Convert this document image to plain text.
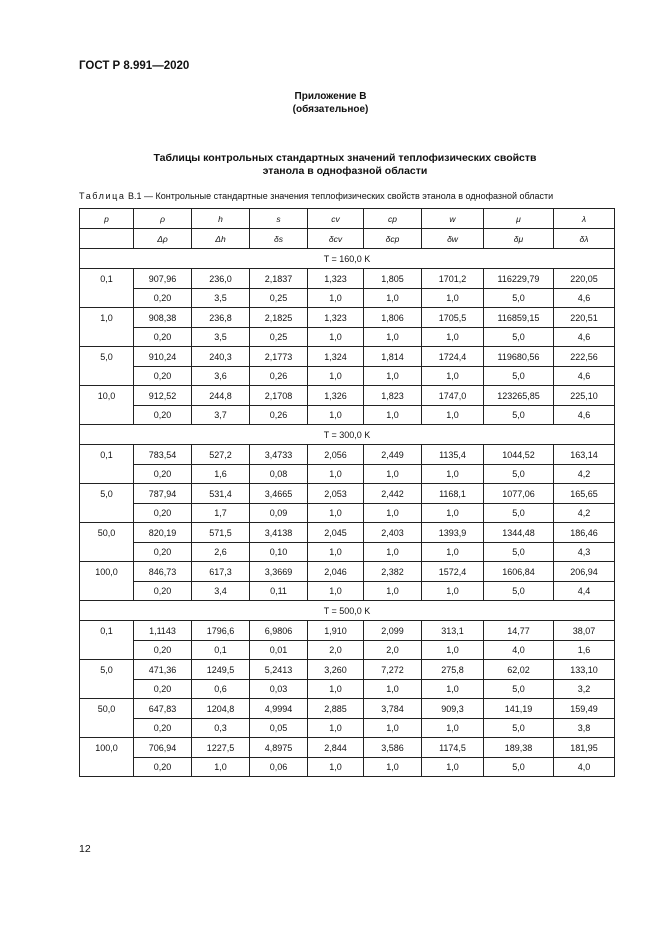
ГОСТ Р 8.991—2020
Приложение В
(обязательное)
Таблицы контрольных стандартных значений теплофизических свойств
этанола в однофазной области
Таблица В.1 — Контрольные стандартные значения теплофизических свойств этанола в однофазной области
p	ρ	h	s	cv	cp	w	μ	λ
	Δρ	Δh	δs	δcv	δcp	δw	δμ	δλ
T = 160,0 K								
0,1	907,96	236,0	2,1837	1,323	1,805	1701,2	116229,79	220,05
	0,20	3,5	0,25	1,0	1,0	1,0	5,0	4,6
1,0	908,38	236,8	2,1825	1,323	1,806	1705,5	116859,15	220,51
	0,20	3,5	0,25	1,0	1,0	1,0	5,0	4,6
5,0	910,24	240,3	2,1773	1,324	1,814	1724,4	119680,56	222,56
	0,20	3,6	0,26	1,0	1,0	1,0	5,0	4,6
10,0	912,52	244,8	2,1708	1,326	1,823	1747,0	123265,85	225,10
	0,20	3,7	0,26	1,0	1,0	1,0	5,0	4,6
T = 300,0 K								
0,1	783,54	527,2	3,4733	2,056	2,449	1135,4	1044,52	163,14
	0,20	1,6	0,08	1,0	1,0	1,0	5,0	4,2
5,0	787,94	531,4	3,4665	2,053	2,442	1168,1	1077,06	165,65
	0,20	1,7	0,09	1,0	1,0	1,0	5,0	4,2
50,0	820,19	571,5	3,4138	2,045	2,403	1393,9	1344,48	186,46
	0,20	2,6	0,10	1,0	1,0	1,0	5,0	4,3
100,0	846,73	617,3	3,3669	2,046	2,382	1572,4	1606,84	206,94
	0,20	3,4	0,11	1,0	1,0	1,0	5,0	4,4
T = 500,0 K								
0,1	1,1143	1796,6	6,9806	1,910	2,099	313,1	14,77	38,07
	0,20	0,1	0,01	2,0	2,0	1,0	4,0	1,6
5,0	471,36	1249,5	5,2413	3,260	7,272	275,8	62,02	133,10
	0,20	0,6	0,03	1,0	1,0	1,0	5,0	3,2
50,0	647,83	1204,8	4,9994	2,885	3,784	909,3	141,19	159,49
	0,20	0,3	0,05	1,0	1,0	1,0	5,0	3,8
100,0	706,94	1227,5	4,8975	2,844	3,586	1174,5	189,38	181,95
	0,20	1,0	0,06	1,0	1,0	1,0	5,0	4,0
12
